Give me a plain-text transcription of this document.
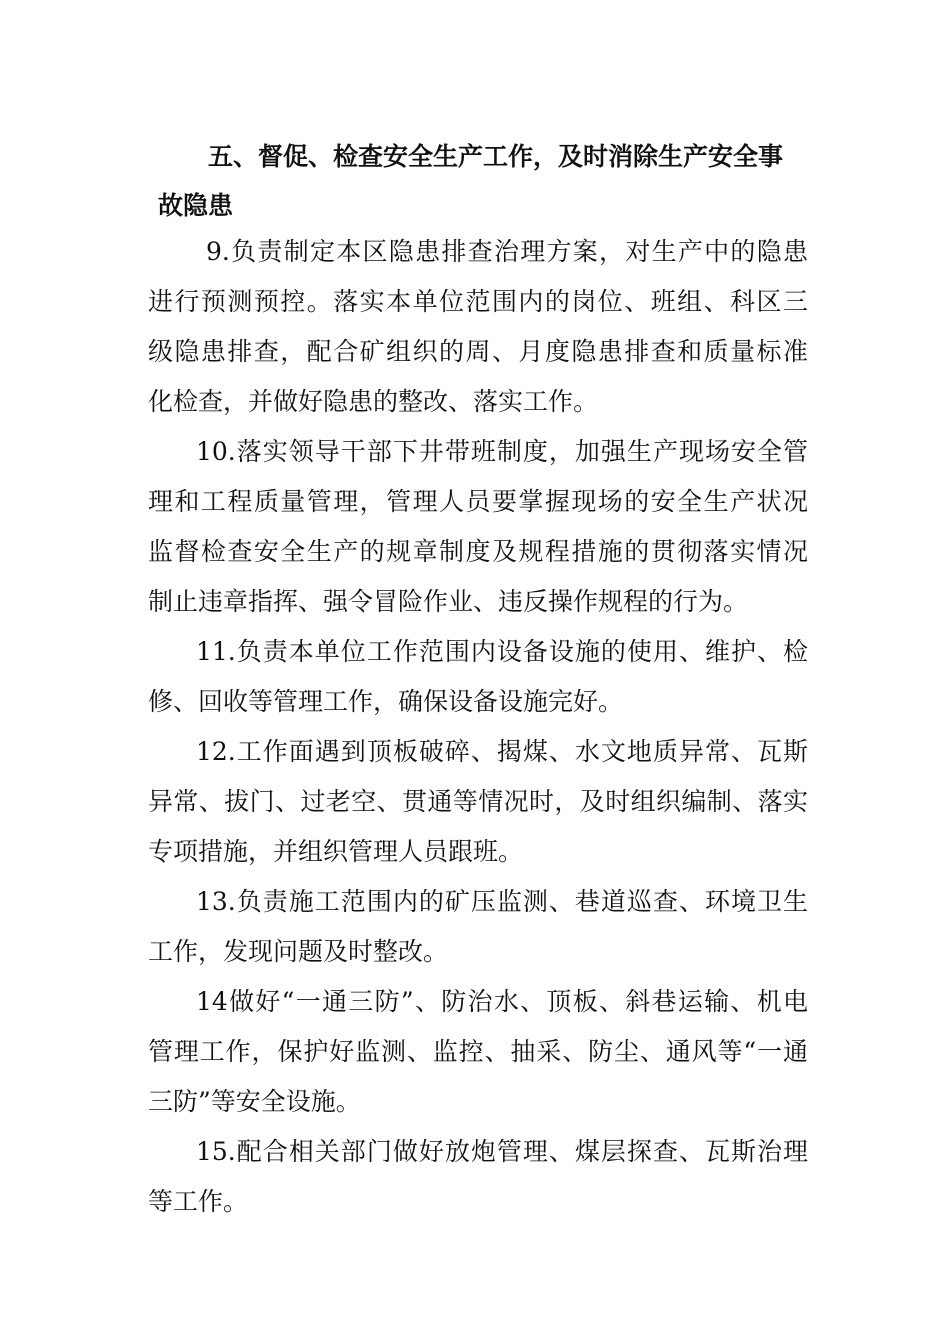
五、督促、检查安全生产工作，及时消除生产安全事
故隐患
9.负责制定本区隐患排查治理方案，对生产中的隐患
进行预测预控。落实本单位范围内的岗位、班组、科区三
级隐患排查，配合矿组织的周、月度隐患排查和质量标准
化检查，并做好隐患的整改、落实工作。
10.落实领导干部下井带班制度，加强生产现场安全管
理和工程质量管理，管理人员要掌握现场的安全生产状况
监督检查安全生产的规章制度及规程措施的贯彻落实情况
制止违章指挥、强令冒险作业、违反操作规程的行为。
11.负责本单位工作范围内设备设施的使用、维护、检
修、回收等管理工作，确保设备设施完好。
12.工作面遇到顶板破碎、揭煤、水文地质异常、瓦斯
异常、拔门、过老空、贯通等情况时，及时组织编制、落实
专项措施，并组织管理人员跟班。
13.负责施工范围内的矿压监测、巷道巡查、环境卫生
工作，发现问题及时整改。
14做好“一通三防”、防治水、顶板、斜巷运输、机电
管理工作，保护好监测、监控、抽采、防尘、通风等“一通
三防”等安全设施。
15.配合相关部门做好放炮管理、煤层探查、瓦斯治理
等工作。
